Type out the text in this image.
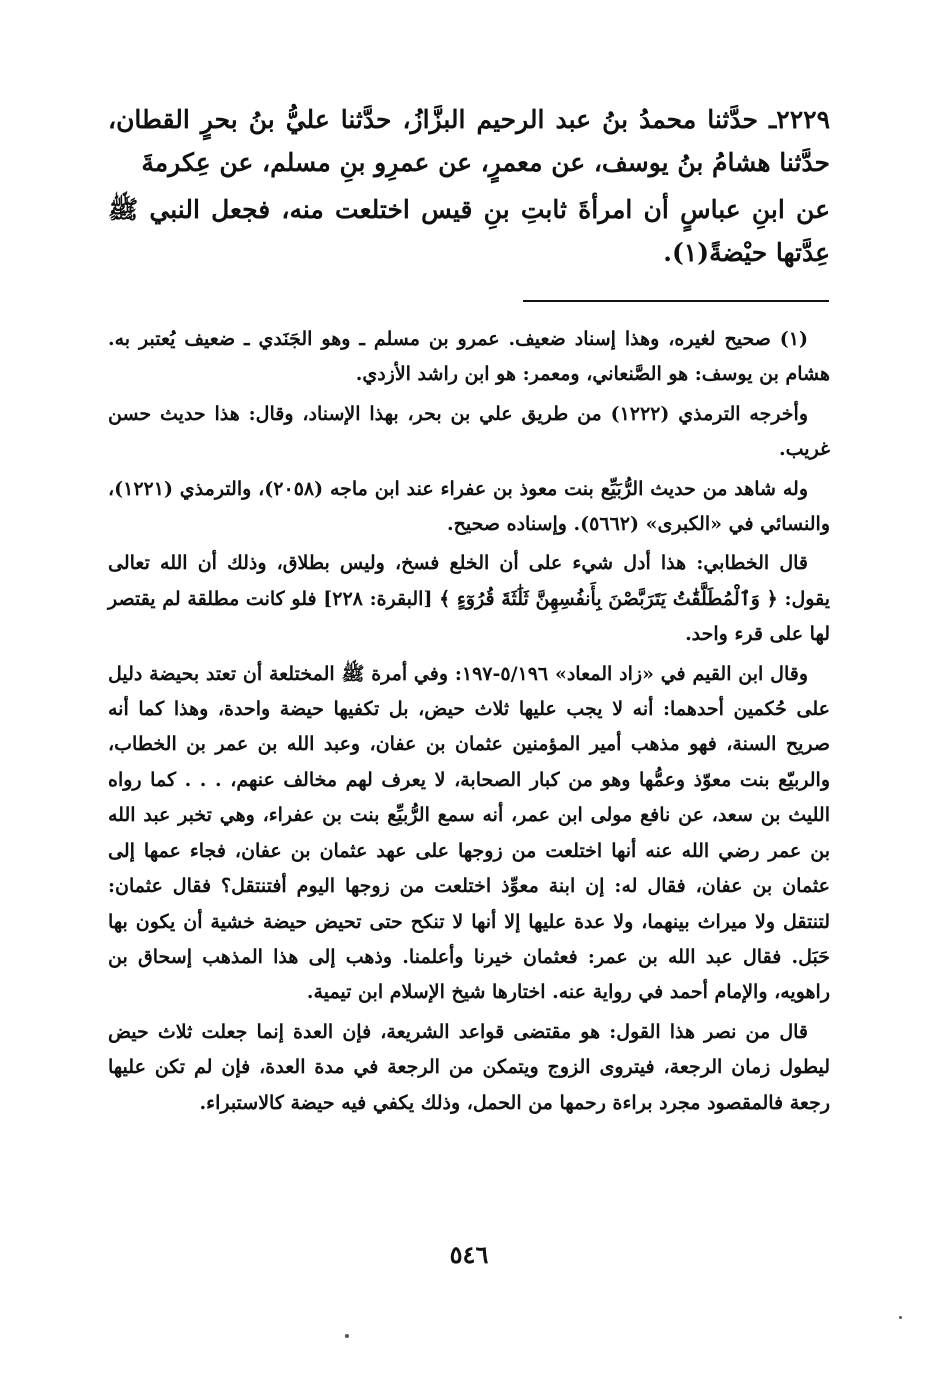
٢٢٢٩ـ حدَّثنا محمدُ بنُ عبد الرحيم البزَّازُ، حدَّثنا عليُّ بنُ بحرٍ القطان، حدَّثنا هشامُ بنُ يوسف، عن معمرٍ، عن عمرِو بنِ مسلم، عن عِكرمةَ

عن ابنِ عباسٍ أن امرأةَ ثابتِ بنِ قيس اختلعت منه، فجعل النبي ﷺ عِدَّتها حيْضةً(١).

(١) صحيح لغيره، وهذا إسناد ضعيف. عمرو بن مسلم ـ وهو الجَنَدي ـ ضعيف يُعتبر به. هشام بن يوسف: هو الصَّنعاني، ومعمر: هو ابن راشد الأزدي.

وأخرجه الترمذي (١٢٢٢) من طريق علي بن بحر، بهذا الإسناد، وقال: هذا حديث حسن غريب.

وله شاهد من حديث الرُّبَيِّع بنت معوذ بن عفراء عند ابن ماجه (٢٠٥٨)، والترمذي (١٢٢١)، والنسائي في «الكبرى» (٥٦٦٢). وإسناده صحيح.

قال الخطابي: هذا أدل شيء على أن الخلع فسخ، وليس بطلاق، وذلك أن الله تعالى يقول: ﴿ وَٱلْمُطَلَّقَٰتُ يَتَرَبَّصْنَ بِأَنفُسِهِنَّ ثَلَٰثَةَ قُرُوٓءٍ ﴾ [البقرة: ٢٢٨] فلو كانت مطلقة لم يقتصر لها على قرء واحد.

وقال ابن القيم في «زاد المعاد» ٥/١٩٦-١٩٧: وفي أمرة ﷺ المختلعة أن تعتد بحيضة دليل على حُكمين أحدهما: أنه لا يجب عليها ثلاث حيض، بل تكفيها حيضة واحدة، وهذا كما أنه صريح السنة، فهو مذهب أمير المؤمنين عثمان بن عفان، وعبد الله بن عمر بن الخطاب، والربيّع بنت معوّذ وعمُّها وهو من كبار الصحابة، لا يعرف لهم مخالف عنهم، . . . كما رواه الليث بن سعد، عن نافع مولى ابن عمر، أنه سمع الرُّبيِّع بنت بن عفراء، وهي تخبر عبد الله بن عمر رضي الله عنه أنها اختلعت من زوجها على عهد عثمان بن عفان، فجاء عمها إلى عثمان بن عفان، فقال له: إن ابنة معوِّذ اختلعت من زوجها اليوم أفتنتقل؟ فقال عثمان: لتنتقل ولا ميراث بينهما، ولا عدة عليها إلا أنها لا تنكح حتى تحيض حيضة خشية أن يكون بها حَبَل. فقال عبد الله بن عمر: فعثمان خيرنا وأعلمنا. وذهب إلى هذا المذهب إسحاق بن راهويه، والإمام أحمد في رواية عنه. اختارها شيخ الإسلام ابن تيمية.

قال من نصر هذا القول: هو مقتضى قواعد الشريعة، فإن العدة إنما جعلت ثلاث حيض ليطول زمان الرجعة، فيتروى الزوج ويتمكن من الرجعة في مدة العدة، فإن لم تكن عليها رجعة فالمقصود مجرد براءة رحمها من الحمل، وذلك يكفي فيه حيضة كالاستبراء.

٥٤٦
